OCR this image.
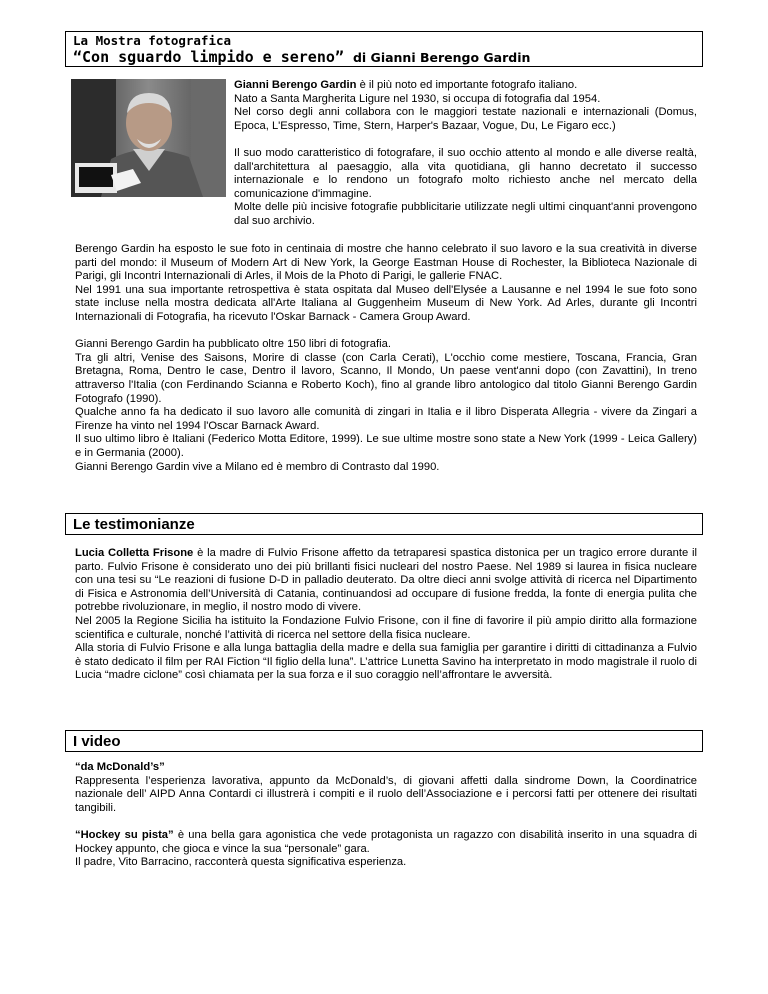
La Mostra fotografica
“Con sguardo limpido e sereno” di Gianni Berengo Gardin

Gianni Berengo Gardin è il più noto ed importante fotografo italiano.

Nato a Santa Margherita Ligure nel 1930, si occupa di fotografia dal 1954.

Nel corso degli anni collabora con le maggiori testate nazionali e internazionali (Domus, Epoca, L'Espresso, Time, Stern, Harper's Bazaar, Vogue, Du, Le Figaro ecc.)

Il suo modo caratteristico di fotografare, il suo occhio attento al mondo e alle diverse realtà, dall'architettura al paesaggio, alla vita quotidiana, gli hanno decretato il successo internazionale e lo rendono un fotografo molto richiesto anche nel mercato della comunicazione d'immagine.

Molte delle più incisive fotografie pubblicitarie utilizzate negli ultimi cinquant'anni provengono dal suo archivio.

Berengo Gardin ha esposto le sue foto in centinaia di mostre che hanno celebrato il suo lavoro e la sua creatività in diverse parti del mondo: il Museum of Modern Art di New York, la George Eastman House di Rochester, la Biblioteca Nazionale di Parigi, gli Incontri Internazionali di Arles, il Mois de la Photo di Parigi, le gallerie FNAC.

Nel 1991 una sua importante retrospettiva è stata ospitata dal Museo dell'Elysée a Lausanne e nel 1994 le sue foto sono state incluse nella mostra dedicata all'Arte Italiana al Guggenheim Museum di New York. Ad Arles, durante gli Incontri Internazionali di Fotografia, ha ricevuto l'Oskar Barnack - Camera Group Award.

Gianni Berengo Gardin ha pubblicato oltre 150 libri di fotografia.

Tra gli altri, Venise des Saisons, Morire di classe (con Carla Cerati), L'occhio come mestiere, Toscana, Francia, Gran Bretagna, Roma, Dentro le case, Dentro il lavoro, Scanno, Il Mondo, Un paese vent'anni dopo (con Zavattini), In treno attraverso l'Italia (con Ferdinando Scianna e Roberto Koch), fino al grande libro antologico dal titolo Gianni Berengo Gardin Fotografo (1990).

Qualche anno fa ha dedicato il suo lavoro alle comunità di zingari in Italia e il libro Disperata Allegria - vivere da Zingari a Firenze ha vinto nel 1994 l'Oscar Barnack Award.

Il suo ultimo libro è Italiani (Federico Motta Editore, 1999). Le sue ultime mostre sono state a New York (1999 - Leica Gallery) e in Germania (2000).

Gianni Berengo Gardin vive a Milano ed è membro di Contrasto dal 1990.

Le testimonianze

Lucia Colletta Frisone è la madre di Fulvio Frisone affetto da tetraparesi spastica distonica per un tragico errore durante il parto. Fulvio Frisone è considerato uno dei più brillanti fisici nucleari del nostro Paese. Nel 1989 si laurea in fisica nucleare con una tesi su “Le reazioni di fusione D-D in palladio deuterato. Da oltre dieci anni svolge attività di ricerca nel Dipartimento di Fisica e Astronomia dell’Università di Catania, continuandosi ad occupare di fusione fredda, la fonte di energia pulita che potrebbe rivoluzionare, in meglio, il nostro modo di vivere.

Nel 2005 la Regione Sicilia ha istituito la Fondazione Fulvio Frisone, con il fine di favorire il più ampio diritto alla formazione scientifica e culturale, nonché l’attività di ricerca nel settore della fisica nucleare.

Alla storia di Fulvio Frisone e alla lunga battaglia della madre e della sua famiglia per garantire i diritti di cittadinanza a Fulvio è stato dedicato il film per RAI Fiction “Il figlio della luna”. L’attrice Lunetta Savino ha interpretato in modo magistrale il ruolo di Lucia “madre ciclone” così chiamata per la sua forza e il suo coraggio nell’affrontare le avversità.

I video

“da McDonald’s”

Rappresenta l’esperienza lavorativa, appunto da McDonald’s, di giovani affetti dalla sindrome Down, la Coordinatrice nazionale dell’ AIPD Anna Contardi ci illustrerà i compiti e il ruolo dell’Associazione e i percorsi fatti per ottenere dei risultati tangibili.

“Hockey su pista” è una bella gara agonistica che vede protagonista un ragazzo con disabilità inserito in una squadra di Hockey appunto, che gioca e vince la sua “personale” gara.

Il padre, Vito Barracino, racconterà questa significativa esperienza.
